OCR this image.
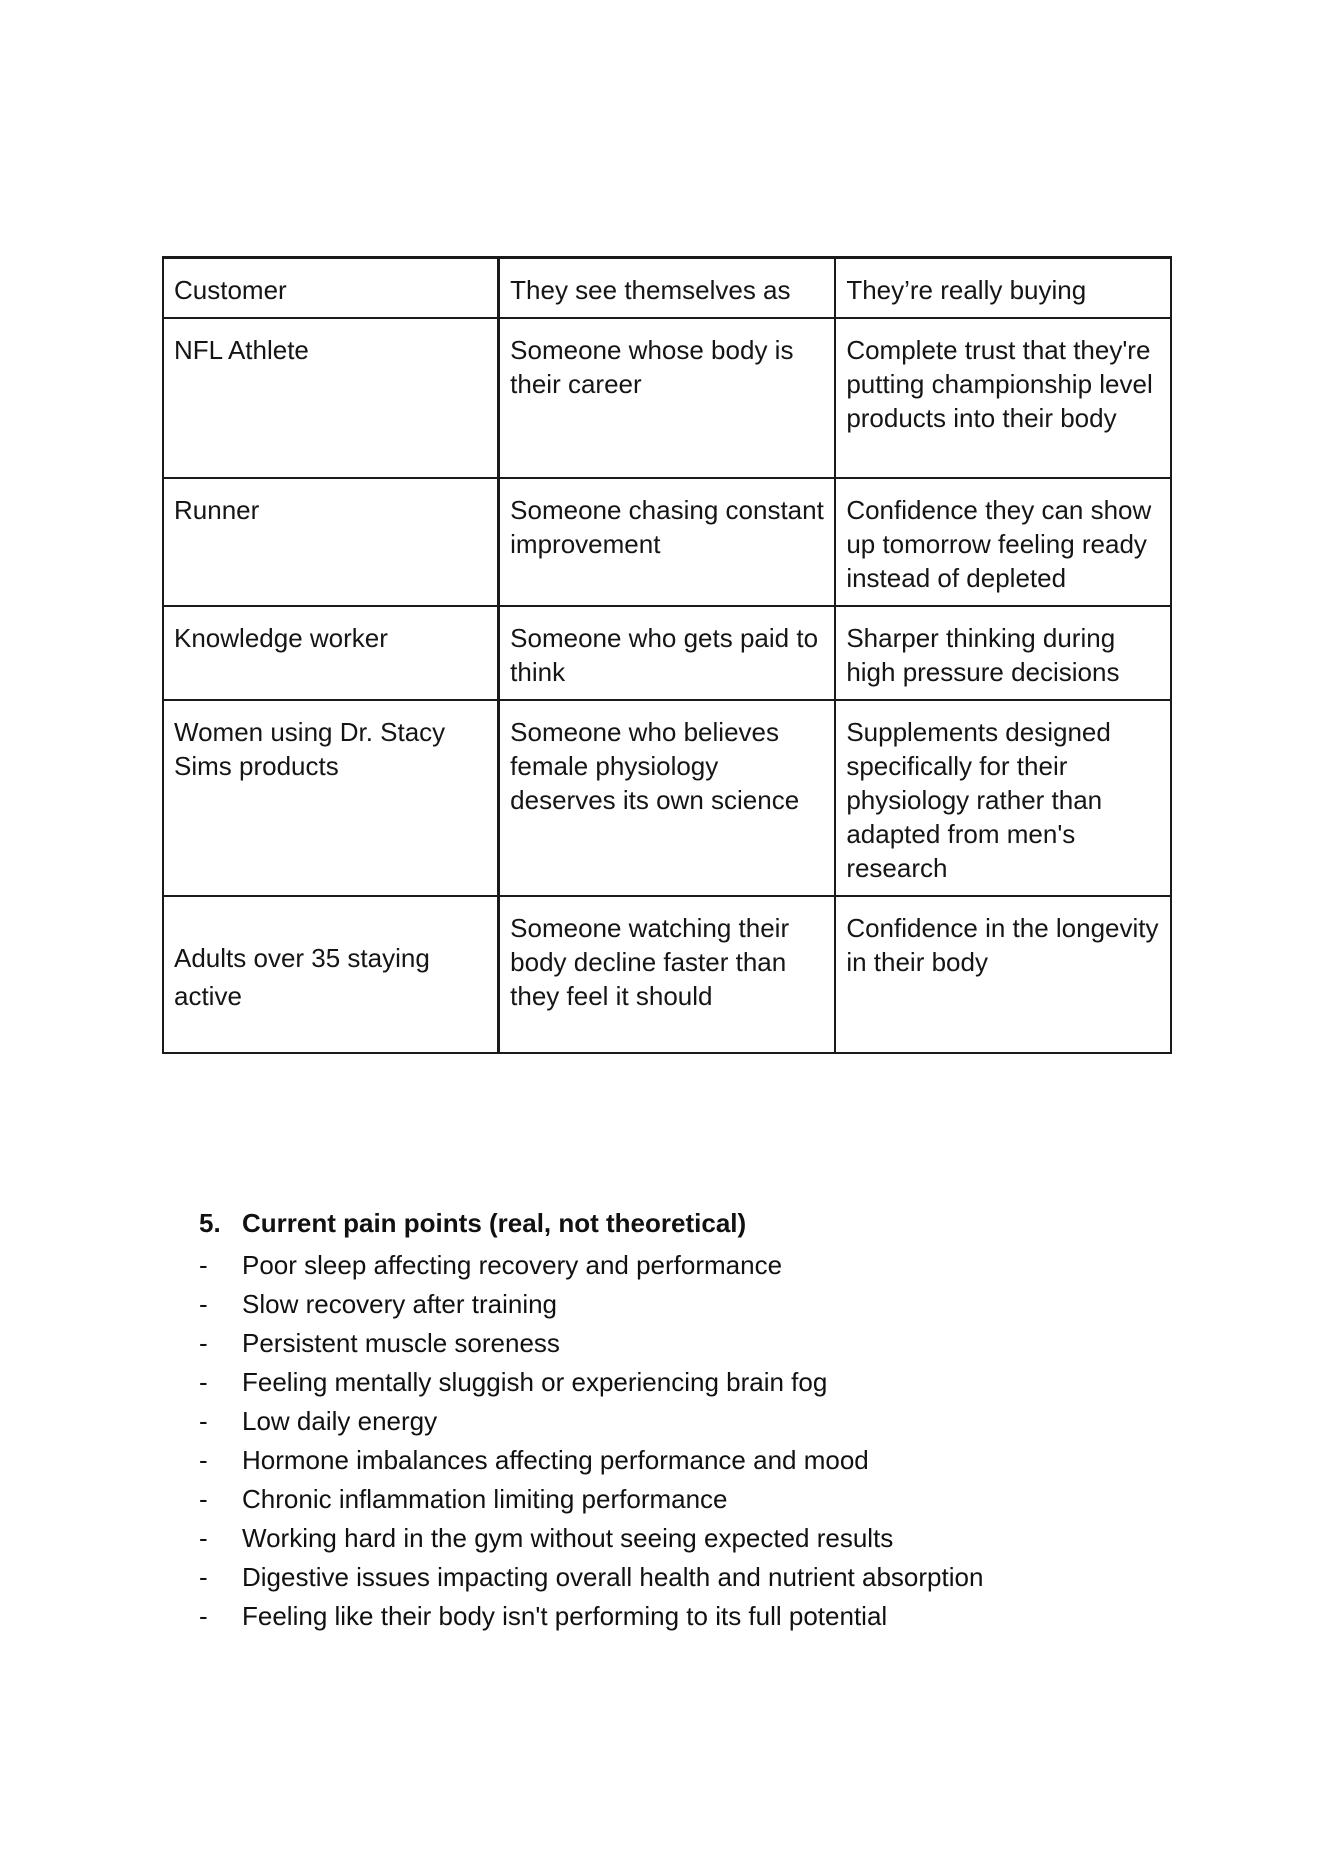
Customer	They see themselves as	They’re really buying
NFL Athlete	Someone whose body is their career	Complete trust that they're putting championship level products into their body
Runner	Someone chasing constant improvement	Confidence they can show up tomorrow feeling ready instead of depleted
Knowledge worker	Someone who gets paid to think	Sharper thinking during high pressure decisions
Women using Dr. Stacy Sims products	Someone who believes female physiology deserves its own science	Supplements designed specifically for their physiology rather than adapted from men's research
Adults over 35 staying active	Someone watching their body decline faster than they feel it should	Confidence in the longevity in their body
5. Current pain points (real, not theoretical)
-	Poor sleep affecting recovery and performance
-	Slow recovery after training
-	Persistent muscle soreness
-	Feeling mentally sluggish or experiencing brain fog
-	Low daily energy
-	Hormone imbalances affecting performance and mood
-	Chronic inflammation limiting performance
-	Working hard in the gym without seeing expected results
-	Digestive issues impacting overall health and nutrient absorption
-	Feeling like their body isn't performing to its full potential
